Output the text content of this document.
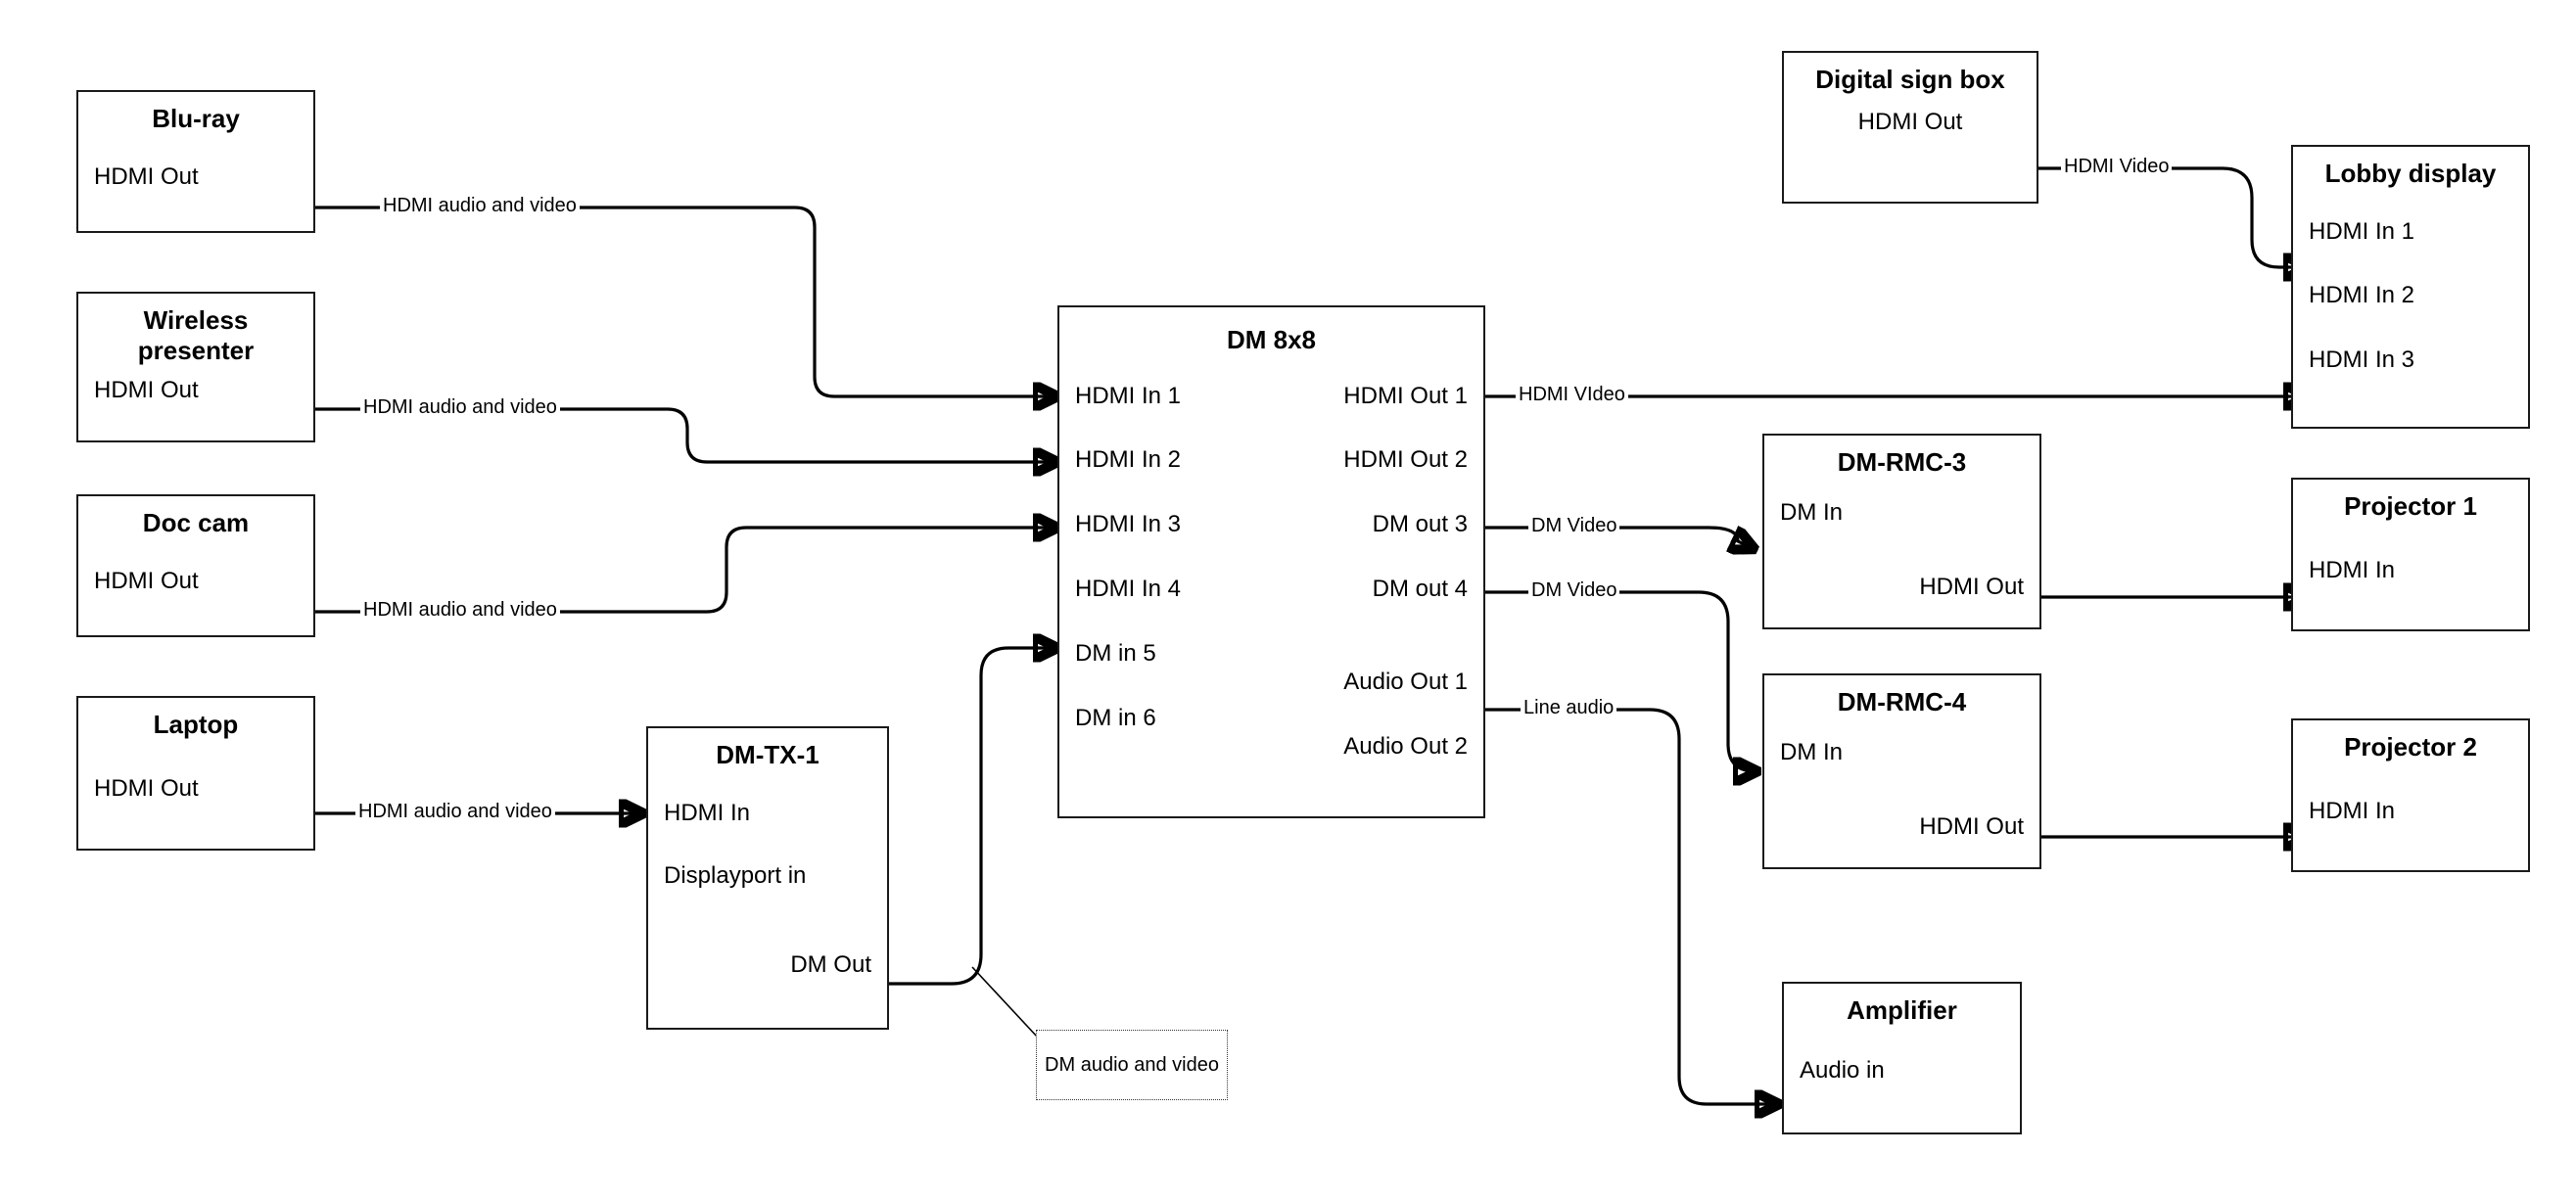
Blu-ray
HDMI Out
Wireless presenter
HDMI Out
Doc cam
HDMI Out
Laptop
HDMI Out
DM-TX-1
HDMI In
Displayport in
DM Out
DM 8x8
HDMI In 1
HDMI In 2
HDMI In 3
HDMI In 4
DM in 5
DM in 6
HDMI Out 1
HDMI Out 2
DM out 3
DM out 4
Audio Out 1
Audio Out 2
Digital sign box
HDMI Out
Lobby display
HDMI In 1
HDMI In 2
HDMI In 3
DM-RMC-3
DM In
HDMI Out
DM-RMC-4
DM In
HDMI Out
Projector 1
HDMI In
Projector 2
HDMI In
Amplifier
Audio in
HDMI audio and video
HDMI audio and video
HDMI audio and video
HDMI audio and video
HDMI Video
HDMI VIdeo
DM Video
DM Video
Line audio
DM audio and video
